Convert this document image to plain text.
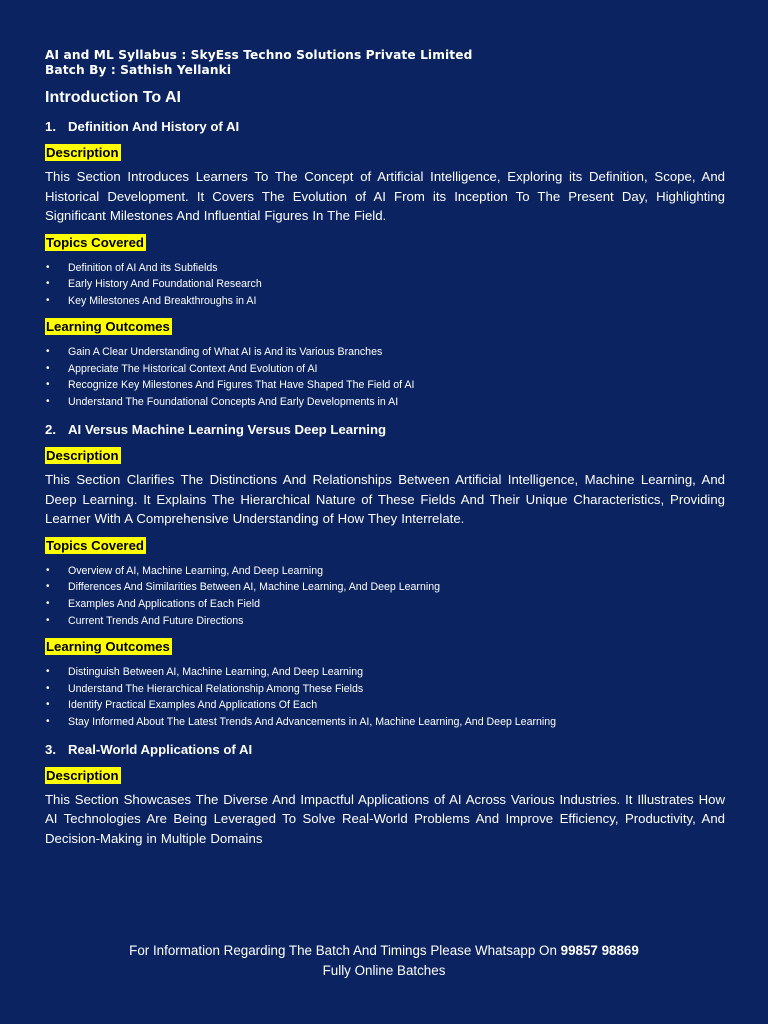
AI and ML Syllabus : SkyEss Techno Solutions Private Limited
Batch By : Sathish Yellanki
Introduction To AI
1. Definition And History of AI
Description
This Section Introduces Learners To The Concept of Artificial Intelligence, Exploring its Definition, Scope, And Historical Development. It Covers The Evolution of AI From its Inception To The Present Day, Highlighting Significant Milestones And Influential Figures In The Field.
Topics Covered
• Definition of AI And its Subfields
• Early History And Foundational Research
• Key Milestones And Breakthroughs in AI
Learning Outcomes
• Gain A Clear Understanding of What AI is And its Various Branches
• Appreciate The Historical Context And Evolution of AI
• Recognize Key Milestones And Figures That Have Shaped The Field of AI
• Understand The Foundational Concepts And Early Developments in AI
2. AI Versus Machine Learning Versus Deep Learning
Description
This Section Clarifies The Distinctions And Relationships Between Artificial Intelligence, Machine Learning, And Deep Learning. It Explains The Hierarchical Nature of These Fields And Their Unique Characteristics, Providing Learner With A Comprehensive Understanding of How They Interrelate.
Topics Covered
• Overview of AI, Machine Learning, And Deep Learning
• Differences And Similarities Between AI, Machine Learning, And Deep Learning
• Examples And Applications of Each Field
• Current Trends And Future Directions
Learning Outcomes
• Distinguish Between AI, Machine Learning, And Deep Learning
• Understand The Hierarchical Relationship Among These Fields
• Identify Practical Examples And Applications Of Each
• Stay Informed About The Latest Trends And Advancements in AI, Machine Learning, And Deep Learning
3. Real-World Applications of AI
Description
This Section Showcases The Diverse And Impactful Applications of AI Across Various Industries. It Illustrates How AI Technologies Are Being Leveraged To Solve Real-World Problems And Improve Efficiency, Productivity, And Decision-Making in Multiple Domains
For Information Regarding The Batch And Timings Please Whatsapp On 99857 98869
Fully Online Batches
